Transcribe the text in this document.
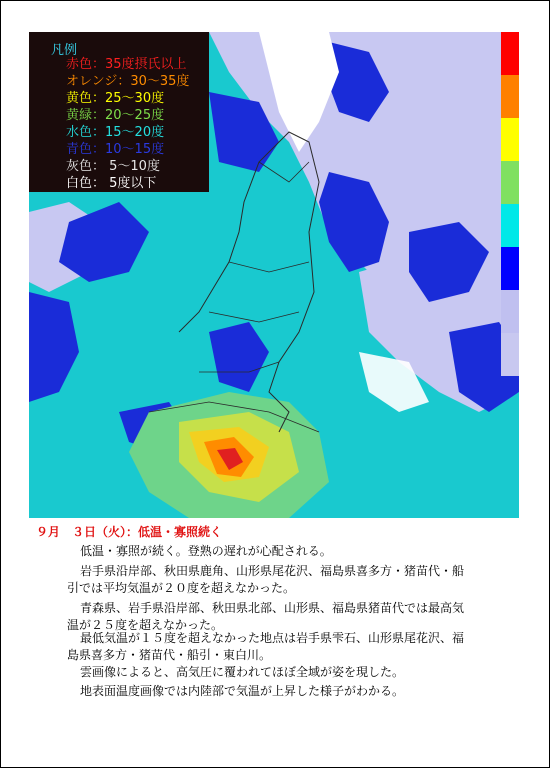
凡例
赤色：35度摂氏以上
オレンジ：30～35度
黄色：25～30度
黄緑：20～25度
水色：15～20度
青色：10～15度
灰色： 5～10度
白色： 5度以下
９月　３日（火）：低温・寡照続く
低温・寡照が続く。登熟の遅れが心配される。
岩手県沿岸部、秋田県鹿角、山形県尾花沢、福島県喜多方・猪苗代・船
引では平均気温が２０度を超えなかった。
青森県、岩手県沿岸部、秋田県北部、山形県、福島県猪苗代では最高気
温が２５度を超えなかった。
最低気温が１５度を超えなかった地点は岩手県雫石、山形県尾花沢、福
島県喜多方・猪苗代・船引・東白川。
雲画像によると、高気圧に覆われてほぼ全域が姿を現した。
地表面温度画像では内陸部で気温が上昇した様子がわかる。
